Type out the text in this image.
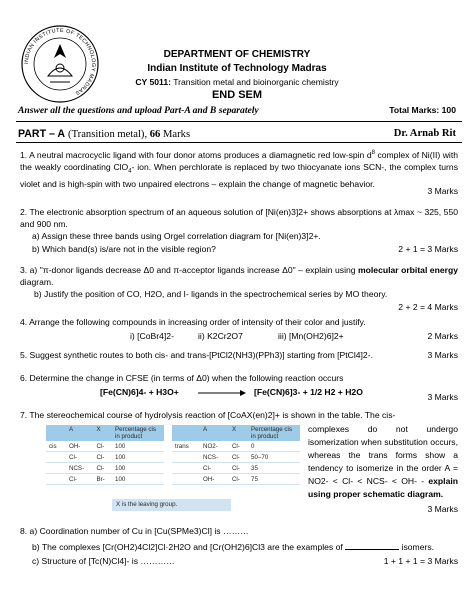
INDIAN INSTITUTE OF TECHNOLOGY MADRAS
DEPARTMENT OF CHEMISTRY
Indian Institute of Technology Madras
CY 5011: Transition metal and bioinorganic chemistry
END SEM
Answer all the questions and upload Part-A and B separately	Total Marks: 100
PART – A (Transition metal), 66 Marks	Dr. Arnab Rit

1. A neutral macrocyclic ligand with four donor atoms produces a diamagnetic red low-spin $d^8$ complex of Ni(II) with the weakly coordinating ClO$_4$- ion. When perchlorate is replaced by two thiocyanate ions SCN-, the complex turns violet and is high-spin with two unpaired electrons – explain the change of magnetic behavior.

3 Marks
2. The electronic absorption spectrum of an aqueous solution of [Ni(en)3]2+ shows absorptions at λmax ~ 325, 550 and 900 nm.
a) Assign these three bands using Orgel correlation diagram for [Ni(en)3]2+.
b) Which band(s) is/are not in the visible region?	2 + 1 = 3 Marks
3. a) "π-donor ligands decrease Δ0 and π-acceptor ligands increase Δ0" – explain using molecular orbital energy diagram.
b) Justify the position of CO, H2O, and I- ligands in the spectrochemical series by MO theory.
2 + 2 = 4 Marks
4. Arrange the following compounds in increasing order of intensity of their color and justify.
i) [CoBr4]2-	ii) K2Cr2O7	iii) [Mn(OH2)6]2+	2 Marks
5. Suggest synthetic routes to both cis- and trans-[PtCl2(NH3)(PPh3)] starting from [PtCl4]2-.	3 Marks
6. Determine the change in CFSE (in terms of Δ0) when the following reaction occurs
[Fe(CN)6]4- + H3O+ → [Fe(CN)6]3- + 1/2 H2 + H2O	3 Marks
7. The stereochemical course of hydrolysis reaction of [CoAX(en)2]+ is shown in the table. The cis-
	A	X	Percentage cis in product
cis	OH-	Cl-	100
	Cl-	Cl-	100
	NCS-	Cl-	100
	Cl-	Br-	100
	A	X	Percentage cis in product
trans	NO2-	Cl-	0
	NCS-	Cl-	50–70
	Cl-	Cl-	35
	OH-	Cl-	75
X is the leaving group.
complexes do not undergo isomerization when substitution occurs, whereas the trans forms show a tendency to isomerize in the order A = NO2- < Cl- < NCS- < OH- - explain using proper schematic diagram.
3 Marks
8. a) Coordination number of Cu in [Cu(SPMe3)Cl] is ………
b) The complexes [Cr(OH2)4Cl2]Cl·2H2O and [Cr(OH2)6]Cl3 are the examples of	isomers.
c) Structure of [Tc(N)Cl4]- is …………	1 + 1 + 1 = 3 Marks
